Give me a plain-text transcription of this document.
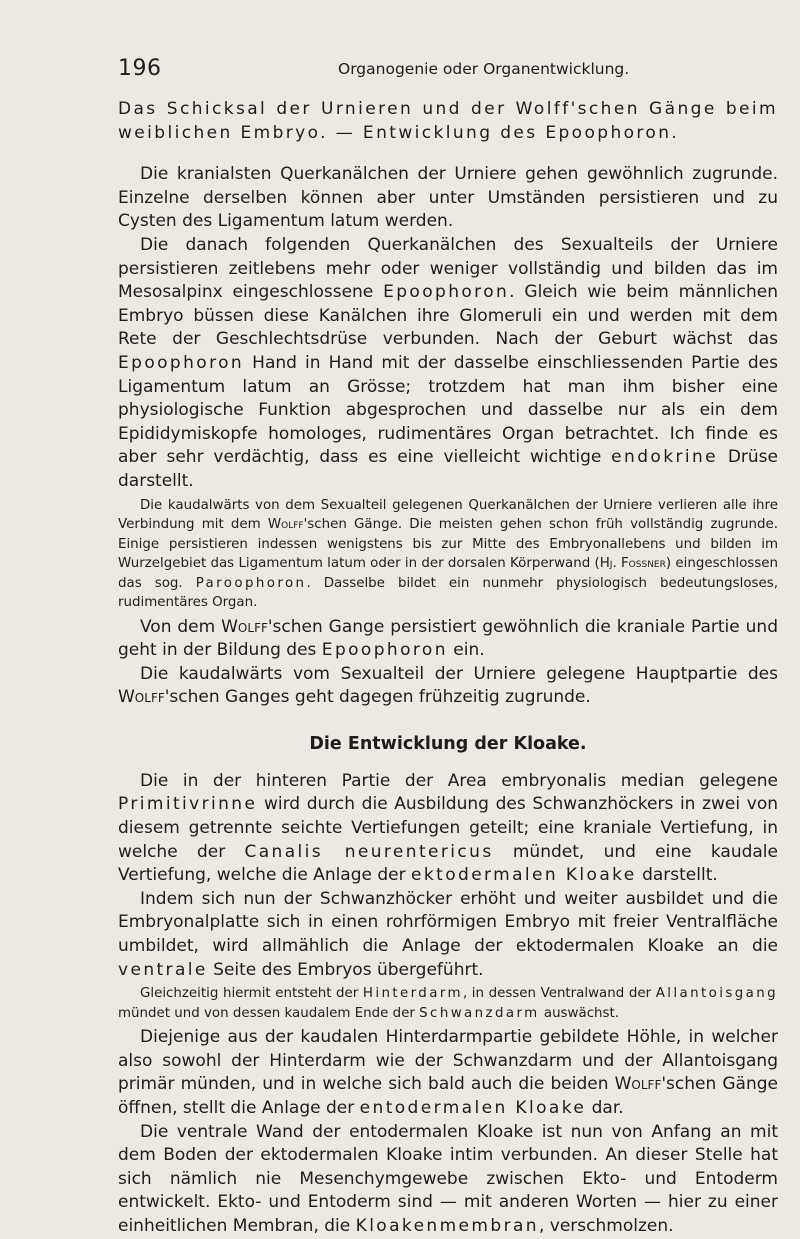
196	Organogenie oder Organentwicklung.

Das Schicksal der Urnieren und der Wolff'schen Gänge beim weiblichen Embryo. — Entwicklung des Epoophoron.

Die kranialsten Querkanälchen der Urniere gehen gewöhnlich zugrunde. Einzelne derselben können aber unter Umständen persistieren und zu Cysten des Ligamentum latum werden.

Die danach folgenden Querkanälchen des Sexualteils der Urniere persistieren zeitlebens mehr oder weniger vollständig und bilden das im Mesosalpinx eingeschlossene Epoophoron. Gleich wie beim männlichen Embryo büssen diese Kanälchen ihre Glomeruli ein und werden mit dem Rete der Geschlechtsdrüse verbunden. Nach der Geburt wächst das Epoophoron Hand in Hand mit der dasselbe einschliessenden Partie des Ligamentum latum an Grösse; trotzdem hat man ihm bisher eine physiologische Funktion abgesprochen und dasselbe nur als ein dem Epididymiskopfe homologes, rudimentäres Organ betrachtet. Ich finde es aber sehr verdächtig, dass es eine vielleicht wichtige endokrine Drüse darstellt.

Die kaudalwärts von dem Sexualteil gelegenen Querkanälchen der Urniere verlieren alle ihre Verbindung mit dem Wolff'schen Gänge. Die meisten gehen schon früh vollständig zugrunde. Einige persistieren indessen wenigstens bis zur Mitte des Embryonallebens und bilden im Wurzelgebiet das Ligamentum latum oder in der dorsalen Körperwand (Hj. Fossner) eingeschlossen das sog. Paroophoron. Dasselbe bildet ein nunmehr physiologisch bedeutungsloses, rudimentäres Organ.

Von dem Wolff'schen Gange persistiert gewöhnlich die kraniale Partie und geht in der Bildung des Epoophoron ein.

Die kaudalwärts vom Sexualteil der Urniere gelegene Hauptpartie des Wolff'schen Ganges geht dagegen frühzeitig zugrunde.

Die Entwicklung der Kloake.

Die in der hinteren Partie der Area embryonalis median gelegene Primitivrinne wird durch die Ausbildung des Schwanzhöckers in zwei von diesem getrennte seichte Vertiefungen geteilt; eine kraniale Vertiefung, in welche der Canalis neurentericus mündet, und eine kaudale Vertiefung, welche die Anlage der ektodermalen Kloake darstellt.

Indem sich nun der Schwanzhöcker erhöht und weiter ausbildet und die Embryonalplatte sich in einen rohrförmigen Embryo mit freier Ventralfläche umbildet, wird allmählich die Anlage der ektodermalen Kloake an die ventrale Seite des Embryos übergeführt.

Gleichzeitig hiermit entsteht der Hinterdarm, in dessen Ventralwand der Allantoisgang mündet und von dessen kaudalem Ende der Schwanzdarm auswächst.

Diejenige aus der kaudalen Hinterdarmpartie gebildete Höhle, in welcher also sowohl der Hinterdarm wie der Schwanzdarm und der Allantoisgang primär münden, und in welche sich bald auch die beiden Wolff'schen Gänge öffnen, stellt die Anlage der entodermalen Kloake dar.

Die ventrale Wand der entodermalen Kloake ist nun von Anfang an mit dem Boden der ektodermalen Kloake intim verbunden. An dieser Stelle hat sich nämlich nie Mesenchymgewebe zwischen Ekto- und Entoderm entwickelt. Ekto- und Entoderm sind — mit anderen Worten — hier zu einer einheitlichen Membran, die Kloakenmembran, verschmolzen.
